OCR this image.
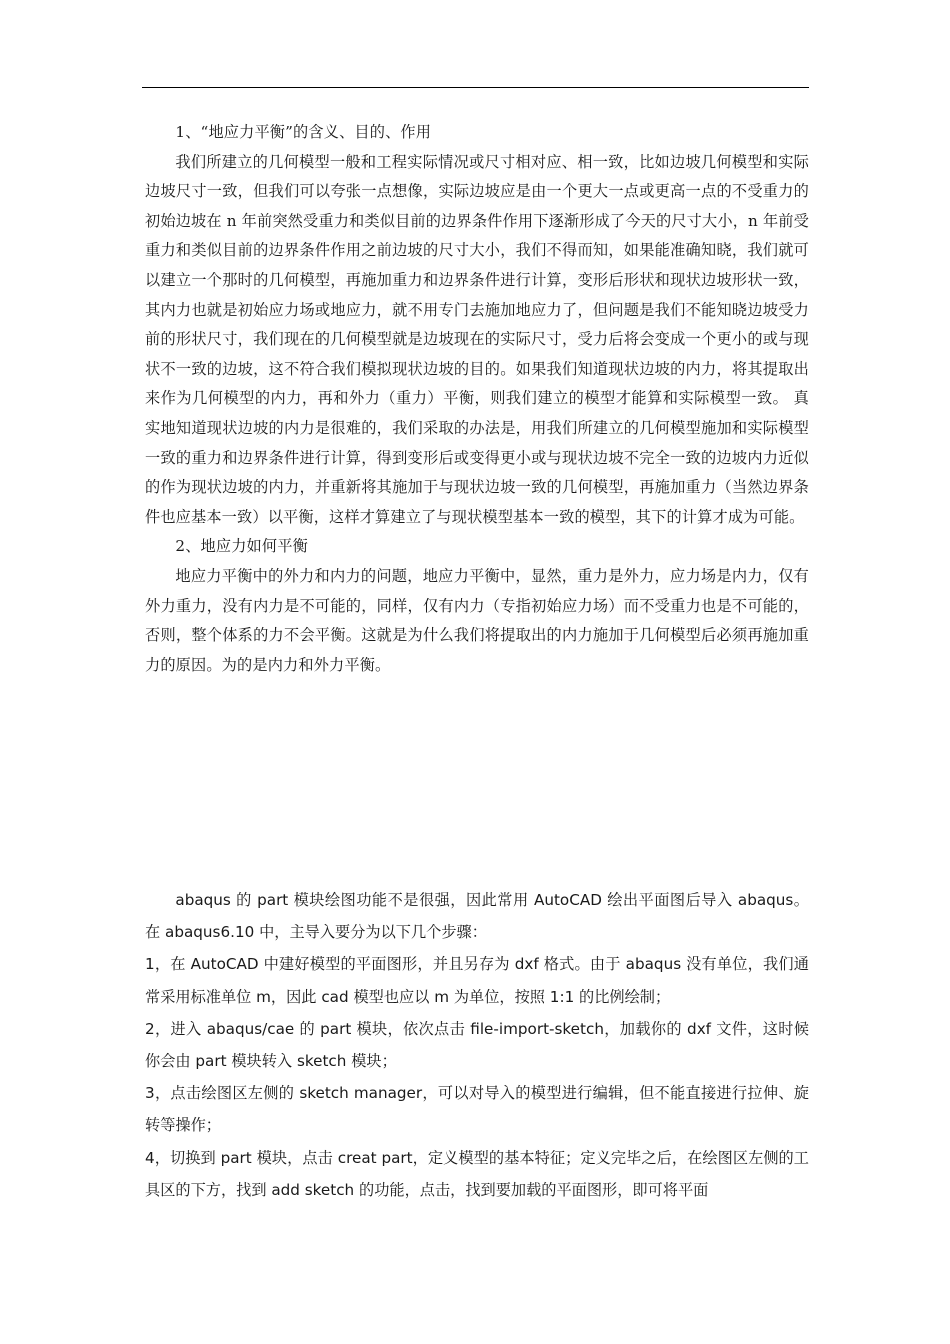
1、“地应力平衡”的含义、目的、作用

我们所建立的几何模型一般和工程实际情况或尺寸相对应、相一致，比如边坡几何模型和实际边坡尺寸一致，但我们可以夸张一点想像，实际边坡应是由一个更大一点或更高一点的不受重力的初始边坡在 n 年前突然受重力和类似目前的边界条件作用下逐渐形成了今天的尺寸大小，n 年前受重力和类似目前的边界条件作用之前边坡的尺寸大小，我们不得而知，如果能准确知晓，我们就可以建立一个那时的几何模型，再施加重力和边界条件进行计算，变形后形状和现状边坡形状一致，其内力也就是初始应力场或地应力，就不用专门去施加地应力了，但问题是我们不能知晓边坡受力前的形状尺寸，我们现在的几何模型就是边坡现在的实际尺寸，受力后将会变成一个更小的或与现状不一致的边坡，这不符合我们模拟现状边坡的目的。如果我们知道现状边坡的内力，将其提取出来作为几何模型的内力，再和外力（重力）平衡，则我们建立的模型才能算和实际模型一致。 真实地知道现状边坡的内力是很难的，我们采取的办法是，用我们所建立的几何模型施加和实际模型一致的重力和边界条件进行计算，得到变形后或变得更小或与现状边坡不完全一致的边坡内力近似的作为现状边坡的内力，并重新将其施加于与现状边坡一致的几何模型，再施加重力（当然边界条件也应基本一致）以平衡，这样才算建立了与现状模型基本一致的模型，其下的计算才成为可能。

2、地应力如何平衡

地应力平衡中的外力和内力的问题，地应力平衡中，显然，重力是外力，应力场是内力，仅有外力重力，没有内力是不可能的，同样，仅有内力（专指初始应力场）而不受重力也是不可能的，否则，整个体系的力不会平衡。这就是为什么我们将提取出的内力施加于几何模型后必须再施加重力的原因。为的是内力和外力平衡。

abaqus 的 part 模块绘图功能不是很强，因此常用 AutoCAD 绘出平面图后导入 abaqus。在 abaqus6.10 中，主导入要分为以下几个步骤：

1，在 AutoCAD 中建好模型的平面图形，并且另存为 dxf 格式。由于 abaqus 没有单位，我们通常采用标准单位 m，因此 cad 模型也应以 m 为单位，按照 1:1 的比例绘制；

2，进入 abaqus/cae 的 part 模块，依次点击 file-import-sketch，加载你的 dxf 文件，这时候你会由 part 模块转入 sketch 模块；

3，点击绘图区左侧的 sketch manager，可以对导入的模型进行编辑，但不能直接进行拉伸、旋转等操作；

4，切换到 part 模块，点击 creat part，定义模型的基本特征；定义完毕之后，在绘图区左侧的工具区的下方，找到 add sketch 的功能，点击，找到要加载的平面图形，即可将平面
